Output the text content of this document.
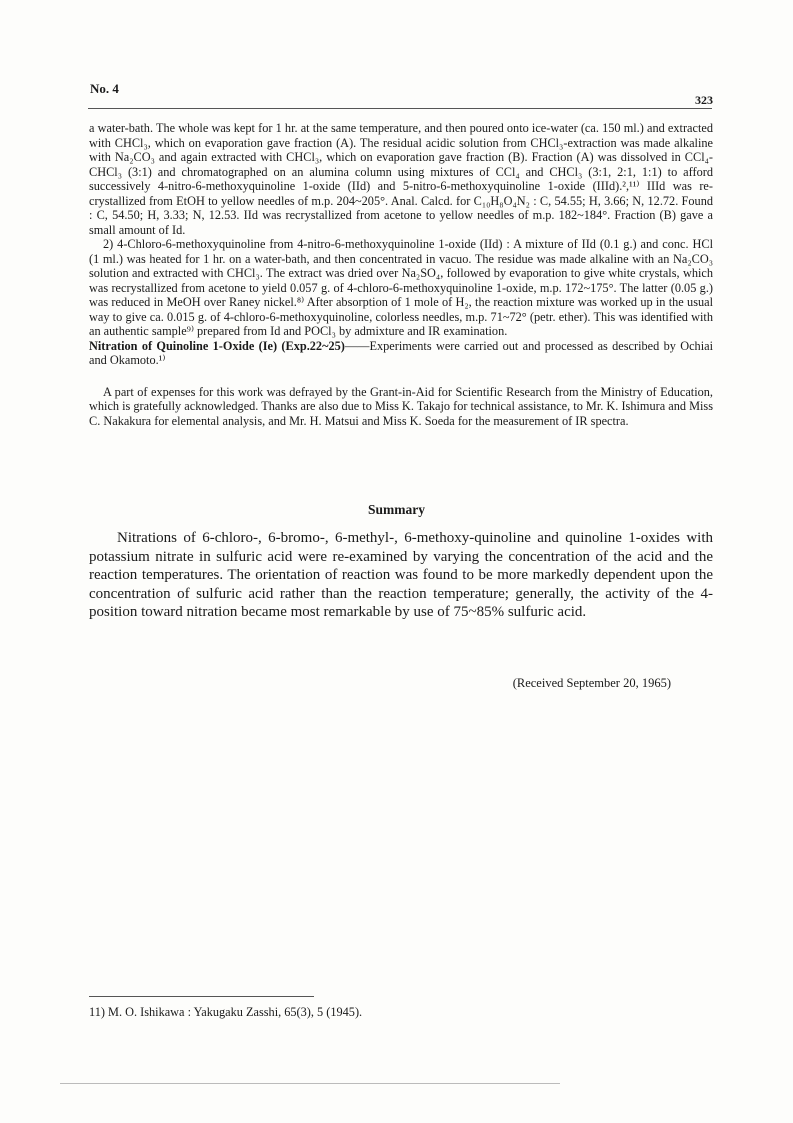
No. 4
323

a water-bath. The whole was kept for 1 hr. at the same temperature, and then poured onto ice-water (ca. 150 ml.) and extracted with CHCl₃, which on evaporation gave fraction (A). The residual acidic solution from CHCl₃-extraction was made alkaline with Na₂CO₃ and again extracted with CHCl₃, which on evaporation gave fraction (B). Fraction (A) was dissolved in CCl₄-CHCl₃ (3:1) and chromatographed on an alumina column using mixtures of CCl₄ and CHCl₃ (3:1, 2:1, 1:1) to afford successively 4-nitro-6-methoxyquinoline 1-oxide (IId) and 5-nitro-6-methoxyquinoline 1-oxide (IIId).²,¹¹⁾ IIId was re-crystallized from EtOH to yellow needles of m.p. 204~205°. Anal. Calcd. for C₁₀H₈O₄N₂ : C, 54.55; H, 3.66; N, 12.72. Found : C, 54.50; H, 3.33; N, 12.53. IId was recrystallized from acetone to yellow needles of m.p. 182~184°. Fraction (B) gave a small amount of Id.

2) 4-Chloro-6-methoxyquinoline from 4-nitro-6-methoxyquinoline 1-oxide (IId) : A mixture of IId (0.1 g.) and conc. HCl (1 ml.) was heated for 1 hr. on a water-bath, and then concentrated in vacuo. The residue was made alkaline with an Na₂CO₃ solution and extracted with CHCl₃. The extract was dried over Na₂SO₄, followed by evaporation to give white crystals, which was recrystallized from acetone to yield 0.057 g. of 4-chloro-6-methoxyquinoline 1-oxide, m.p. 172~175°. The latter (0.05 g.) was reduced in MeOH over Raney nickel.⁸⁾ After absorption of 1 mole of H₂, the reaction mixture was worked up in the usual way to give ca. 0.015 g. of 4-chloro-6-methoxyquinoline, colorless needles, m.p. 71~72° (petr. ether). This was identified with an authentic sample⁹⁾ prepared from Id and POCl₃ by admixture and IR examination.

Nitration of Quinoline 1-Oxide (Ie) (Exp.22~25)——Experiments were carried out and processed as described by Ochiai and Okamoto.¹⁾

A part of expenses for this work was defrayed by the Grant-in-Aid for Scientific Research from the Ministry of Education, which is gratefully acknowledged. Thanks are also due to Miss K. Takajo for technical assistance, to Mr. K. Ishimura and Miss C. Nakakura for elemental analysis, and Mr. H. Matsui and Miss K. Soeda for the measurement of IR spectra.

Summary

Nitrations of 6-chloro-, 6-bromo-, 6-methyl-, 6-methoxy-quinoline and quinoline 1-oxides with potassium nitrate in sulfuric acid were re-examined by varying the concentration of the acid and the reaction temperatures. The orientation of reaction was found to be more markedly dependent upon the concentration of sulfuric acid rather than the reaction temperature; generally, the activity of the 4-position toward nitration became most remarkable by use of 75~85% sulfuric acid.

(Received September 20, 1965)
11) M. O. Ishikawa : Yakugaku Zasshi, 65(3), 5 (1945).
